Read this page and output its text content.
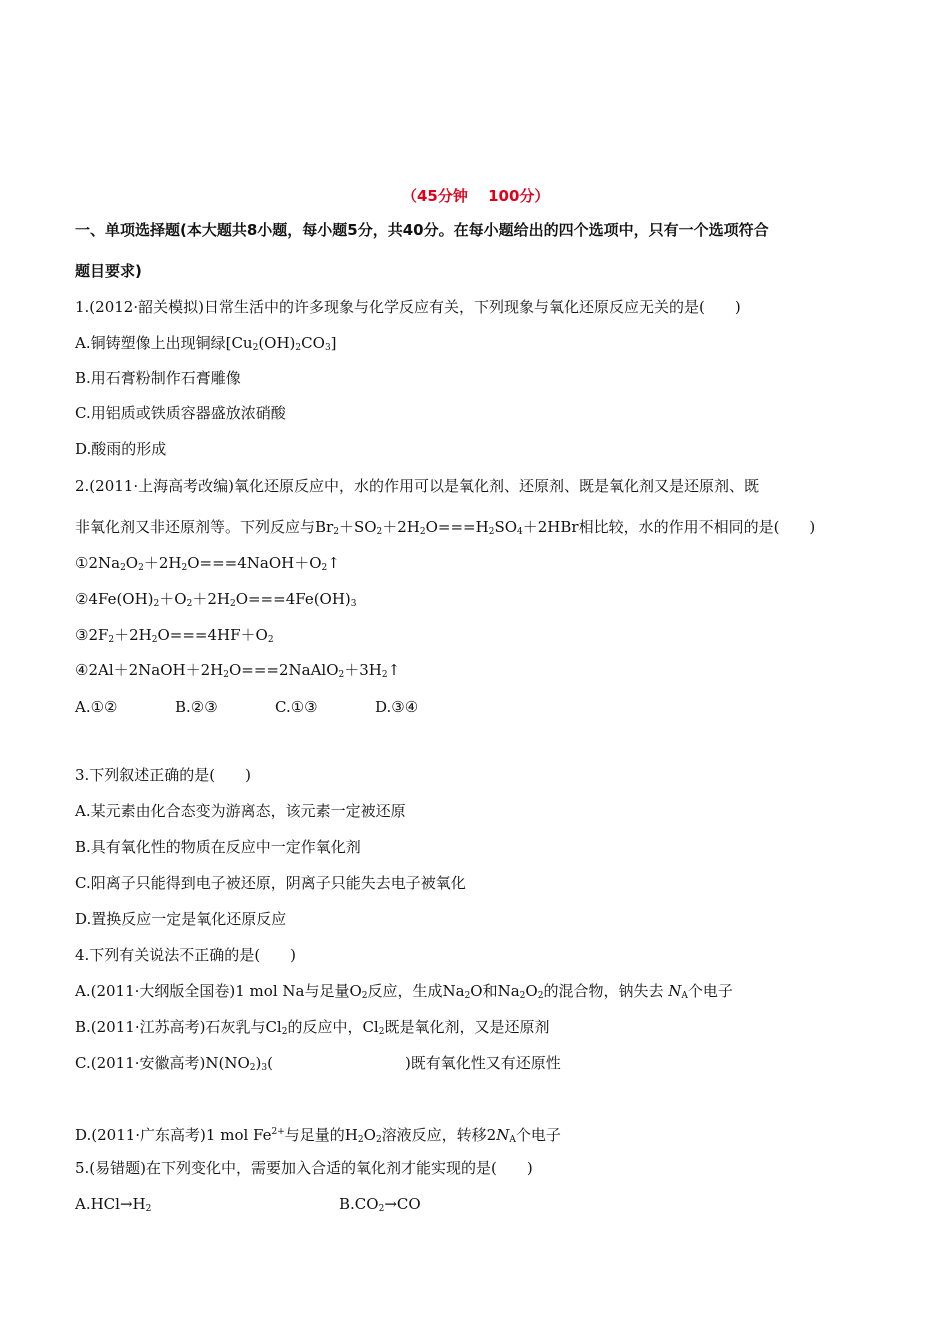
（45分钟　 100分）
一、单项选择题(本大题共8小题，每小题5分，共40分。在每小题给出的四个选项中，只有一个选项符合
题目要求)
1.(2012·韶关模拟)日常生活中的许多现象与化学反应有关，下列现象与氧化还原反应无关的是(　　)
A.铜铸塑像上出现铜绿$[Cu_2(OH)_2CO_3]$
B.用石膏粉制作石膏雕像
C.用铝质或铁质容器盛放浓硝酸
D.酸雨的形成
2.(2011·上海高考改编)氧化还原反应中，水的作用可以是氧化剂、还原剂、既是氧化剂又是还原剂、既
非氧化剂又非还原剂等。下列反应与$Br_2+SO_2+2H_2O===H_2SO_4+2HBr$相比较，水的作用不相同的是(　　)
$①2Na_2O_2+2H_2O===4NaOH+O_2↑$
$②4Fe(OH)_2+O_2+2H_2O===4Fe(OH)_3$
$③2F_2+2H_2O===4HF+O_2$
$④2Al+2NaOH+2H_2O===2NaAlO_2+3H_2↑$
A.①②	B.②③	C.①③	D.③④
3.下列叙述正确的是(　　)
A.某元素由化合态变为游离态，该元素一定被还原
B.具有氧化性的物质在反应中一定作氧化剂
C.阳离子只能得到电子被还原，阴离子只能失去电子被氧化
D.置换反应一定是氧化还原反应
4.下列有关说法不正确的是(　　)
A.(2011·大纲版全国卷)1 mol Na与足量$O_2$反应，生成$Na_2O$和$Na_2O_2$的混合物，钠失去 $N_A$个电子
B.(2011·江苏高考)石灰乳与$Cl_2$的反应中，$Cl_2$既是氧化剂，又是还原剂
C.(2011·安徽高考)$N(NO_2)_3$(	)既有氧化性又有还原性
D.(2011·广东高考)1 mol $Fe^{2+}$与足量的$H_2O_2$溶液反应，转移$2N_A$个电子
5.(易错题)在下列变化中，需要加入合适的氧化剂才能实现的是(　　)
$A.HCl\to H_2$	$B.CO_2\to CO$
